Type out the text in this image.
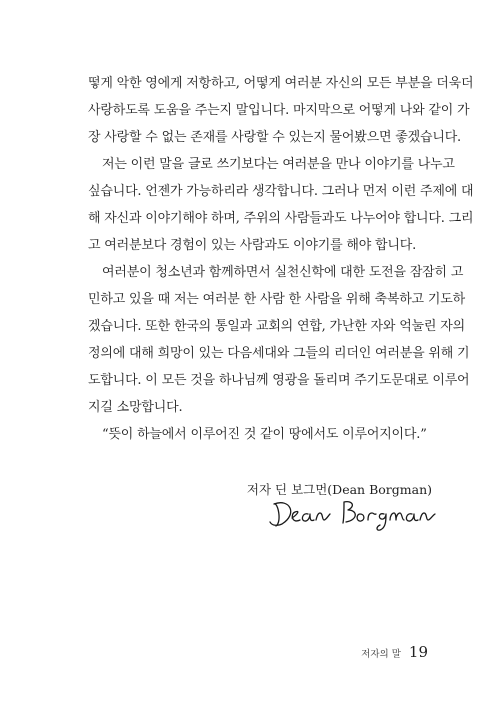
떻게 악한 영에게 저항하고, 어떻게 여러분 자신의 모든 부분을 더욱더
사랑하도록 도움을 주는지 말입니다. 마지막으로 어떻게 나와 같이 가
장 사랑할 수 없는 존재를 사랑할 수 있는지 물어봤으면 좋겠습니다.
저는 이런 말을 글로 쓰기보다는 여러분을 만나 이야기를 나누고
싶습니다. 언젠가 가능하리라 생각합니다. 그러나 먼저 이런 주제에 대
해 자신과 이야기해야 하며, 주위의 사람들과도 나누어야 합니다. 그리
고 여러분보다 경험이 있는 사람과도 이야기를 해야 합니다.
여러분이 청소년과 함께하면서 실천신학에 대한 도전을 잠잠히 고
민하고 있을 때 저는 여러분 한 사람 한 사람을 위해 축복하고 기도하
겠습니다. 또한 한국의 통일과 교회의 연합, 가난한 자와 억눌린 자의
정의에 대해 희망이 있는 다음세대와 그들의 리더인 여러분을 위해 기
도합니다. 이 모든 것을 하나님께 영광을 돌리며 주기도문대로 이루어
지길 소망합니다.
“뜻이 하늘에서 이루어진 것 같이 땅에서도 이루어지이다.”
저자 딘 보그먼(Dean Borgman)
저자의 말 19
